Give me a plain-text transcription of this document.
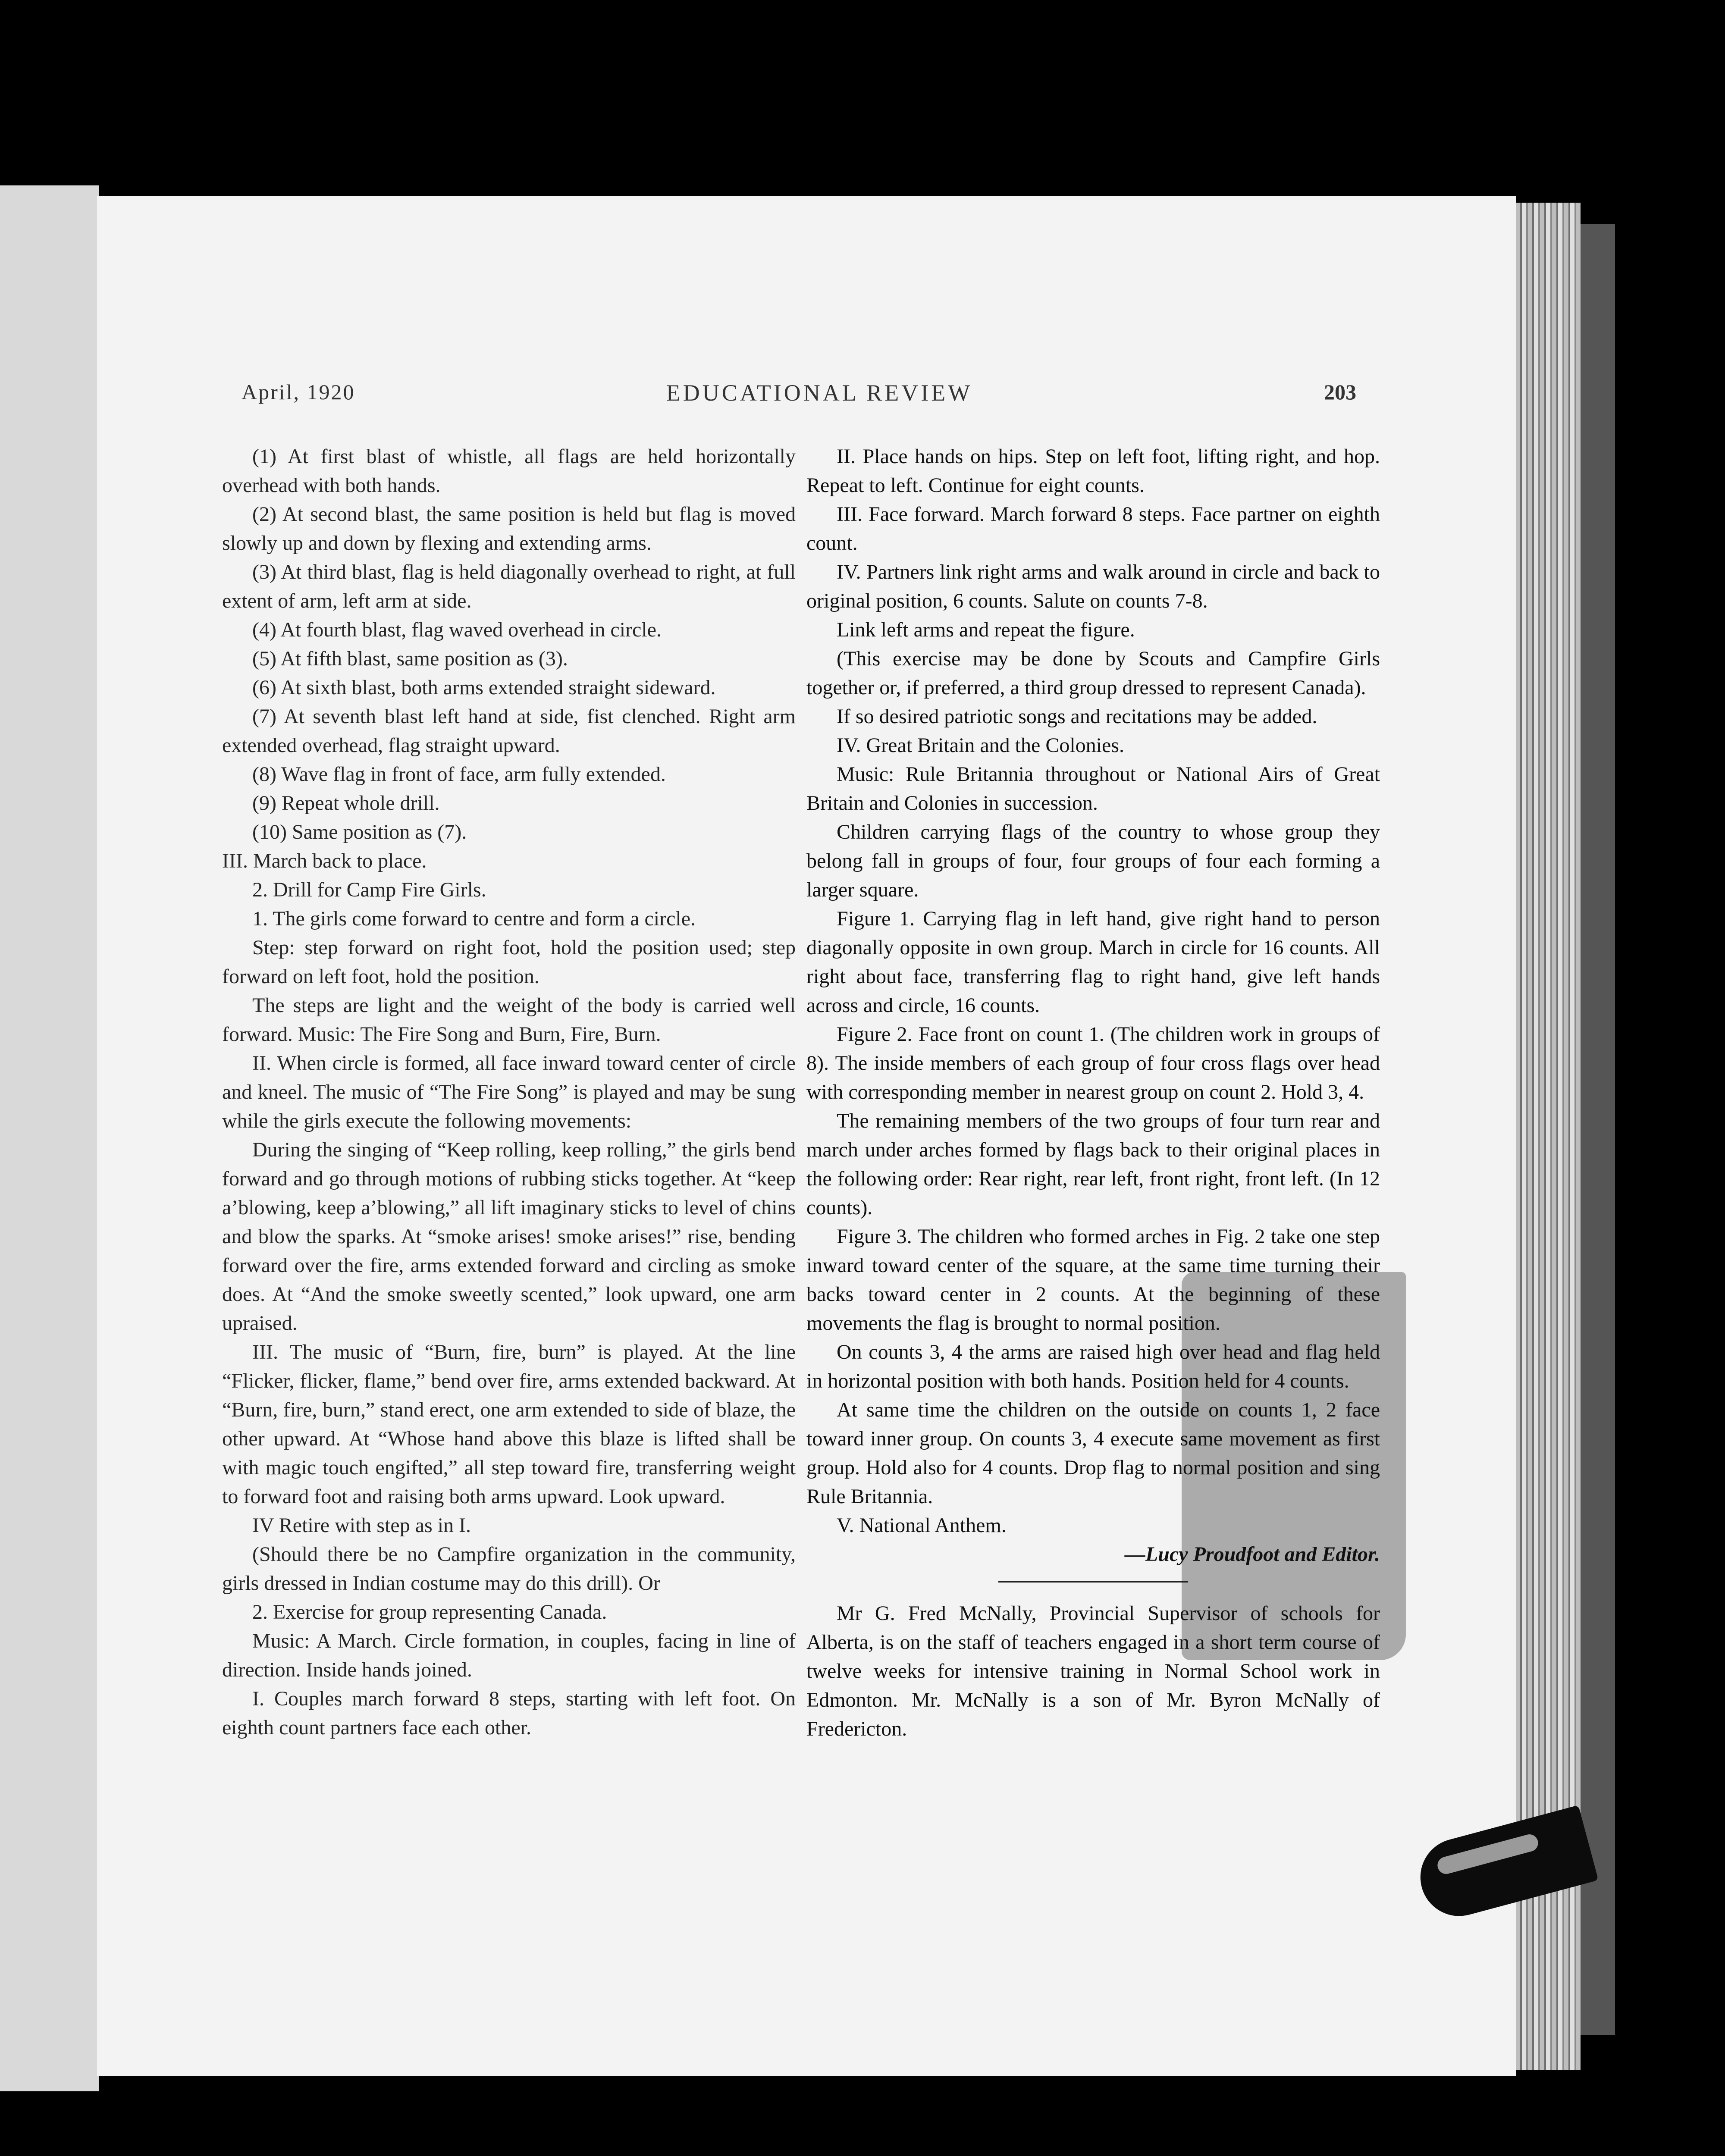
April, 1920	EDUCATIONAL REVIEW	203

(1) At first blast of whistle, all flags are held horizontally overhead with both hands.

(2) At second blast, the same position is held but flag is moved slowly up and down by flexing and extending arms.

(3) At third blast, flag is held diagonally overhead to right, at full extent of arm, left arm at side.

(4) At fourth blast, flag waved overhead in circle.

(5) At fifth blast, same position as (3).

(6) At sixth blast, both arms extended straight sideward.

(7) At seventh blast left hand at side, fist clenched. Right arm extended overhead, flag straight upward.

(8) Wave flag in front of face, arm fully extended.

(9) Repeat whole drill.

(10) Same position as (7).

III. March back to place.

2. Drill for Camp Fire Girls.

1. The girls come forward to centre and form a circle.

Step: step forward on right foot, hold the position used; step forward on left foot, hold the position.

The steps are light and the weight of the body is carried well forward. Music: The Fire Song and Burn, Fire, Burn.

II. When circle is formed, all face inward toward center of circle and kneel. The music of “The Fire Song” is played and may be sung while the girls execute the following movements:

During the singing of “Keep rolling, keep rolling,” the girls bend forward and go through motions of rubbing sticks together. At “keep a’blowing, keep a’blowing,” all lift imaginary sticks to level of chins and blow the sparks. At “smoke arises! smoke arises!” rise, bending forward over the fire, arms extended forward and circling as smoke does. At “And the smoke sweetly scented,” look upward, one arm upraised.

III. The music of “Burn, fire, burn” is played. At the line “Flicker, flicker, flame,” bend over fire, arms extended backward. At “Burn, fire, burn,” stand erect, one arm extended to side of blaze, the other upward. At “Whose hand above this blaze is lifted shall be with magic touch engifted,” all step toward fire, transferring weight to forward foot and raising both arms upward. Look upward.

IV Retire with step as in I.

(Should there be no Campfire organization in the community, girls dressed in Indian costume may do this drill). Or

2. Exercise for group representing Canada.

Music: A March. Circle formation, in couples, facing in line of direction. Inside hands joined.

I. Couples march forward 8 steps, starting with left foot. On eighth count partners face each other.

II. Place hands on hips. Step on left foot, lifting right, and hop. Repeat to left. Continue for eight counts.

III. Face forward. March forward 8 steps. Face partner on eighth count.

IV. Partners link right arms and walk around in circle and back to original position, 6 counts. Salute on counts 7-8.

Link left arms and repeat the figure.

(This exercise may be done by Scouts and Campfire Girls together or, if preferred, a third group dressed to represent Canada).

If so desired patriotic songs and recitations may be added.

IV. Great Britain and the Colonies.

Music: Rule Britannia throughout or National Airs of Great Britain and Colonies in succession.

Children carrying flags of the country to whose group they belong fall in groups of four, four groups of four each forming a larger square.

Figure 1. Carrying flag in left hand, give right hand to person diagonally opposite in own group. March in circle for 16 counts. All right about face, transferring flag to right hand, give left hands across and circle, 16 counts.

Figure 2. Face front on count 1. (The children work in groups of 8). The inside members of each group of four cross flags over head with corresponding member in nearest group on count 2. Hold 3, 4.

The remaining members of the two groups of four turn rear and march under arches formed by flags back to their original places in the following order: Rear right, rear left, front right, front left. (In 12 counts).

Figure 3. The children who formed arches in Fig. 2 take one step inward toward center of the square, at the same time turning their backs toward center in 2 counts. At the beginning of these movements the flag is brought to normal position.

On counts 3, 4 the arms are raised high over head and flag held in horizontal position with both hands. Position held for 4 counts.

At same time the children on the outside on counts 1, 2 face toward inner group. On counts 3, 4 execute same movement as first group. Hold also for 4 counts. Drop flag to normal position and sing Rule Britannia.

V. National Anthem.

—Lucy Proudfoot and Editor.

Mr G. Fred McNally, Provincial Supervisor of schools for Alberta, is on the staff of teachers engaged in a short term course of twelve weeks for intensive training in Normal School work in Edmonton. Mr. McNally is a son of Mr. Byron McNally of Fredericton.
